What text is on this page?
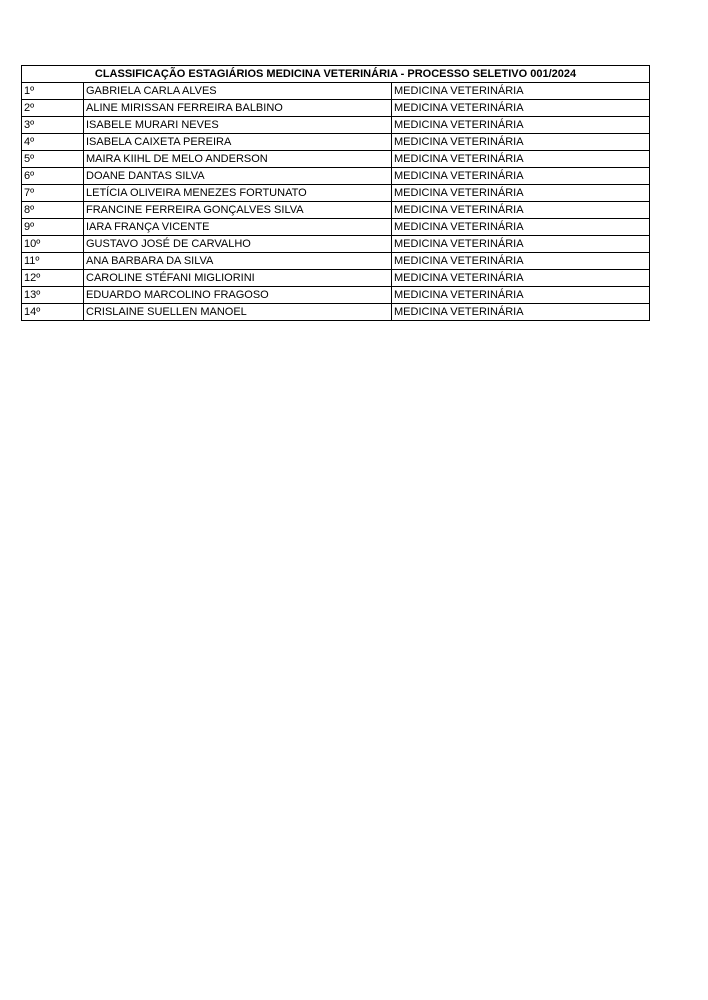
CLASSIFICAÇÃO ESTAGIÁRIOS MEDICINA VETERINÁRIA - PROCESSO SELETIVO 001/2024		
1º	GABRIELA CARLA ALVES	MEDICINA VETERINÁRIA
2º	ALINE MIRISSAN FERREIRA BALBINO	MEDICINA VETERINÁRIA
3º	ISABELE MURARI NEVES	MEDICINA VETERINÁRIA
4º	ISABELA CAIXETA PEREIRA	MEDICINA VETERINÁRIA
5º	MAIRA KIIHL DE MELO ANDERSON	MEDICINA VETERINÁRIA
6º	DOANE DANTAS SILVA	MEDICINA VETERINÁRIA
7º	LETÍCIA OLIVEIRA MENEZES FORTUNATO	MEDICINA VETERINÁRIA
8º	FRANCINE FERREIRA GONÇALVES SILVA	MEDICINA VETERINÁRIA
9º	IARA FRANÇA VICENTE	MEDICINA VETERINÁRIA
10º	GUSTAVO JOSÉ DE CARVALHO	MEDICINA VETERINÁRIA
11º	ANA BARBARA DA SILVA	MEDICINA VETERINÁRIA
12º	CAROLINE STÉFANI MIGLIORINI	MEDICINA VETERINÁRIA
13º	EDUARDO MARCOLINO FRAGOSO	MEDICINA VETERINÁRIA
14º	CRISLAINE SUELLEN MANOEL	MEDICINA VETERINÁRIA
